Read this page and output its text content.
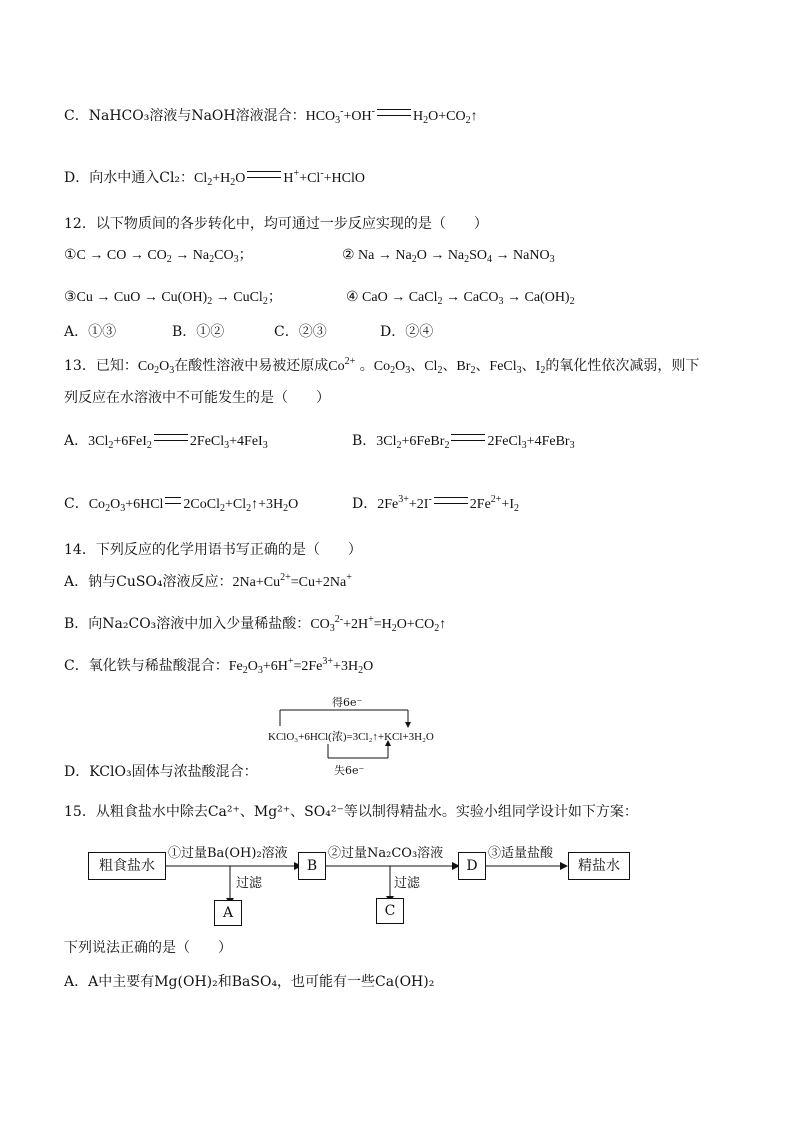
C．NaHCO₃溶液与NaOH溶液混合：$HCO_3^-+OH^-$	$H_2O+CO_2↑$
D．向水中通入Cl₂：$Cl_2+H_2O$	H++Cl-+HClO
12．以下物质间的各步转化中，均可通过一步反应实现的是（　　）
①C → CO → $CO_2 \to Na_2CO_3$；	② $Na \to Na_2O \to Na_2SO_4$ → NaNO$_3$
③Cu → CuO → $Cu(OH)_2$ → CuCl$_2$；	④ CaO → CaCl$_2$ → CaCO$_3$ → $Ca(OH)_2$
A．①③	B．①②	C．②③	D．②④
13．已知：$Co_2O_3$在酸性溶液中易被还原成$Co^{2+}$ 。$Co_2O_3$、$Cl_2$、$Br_2$、FeCl$_3$、$I_2$的氧化性依次减弱，则下
列反应在水溶液中不可能发生的是（　　）
A．$3Cl_2+6FeI_2$	2FeCl$_3$+4FeI$_3$	B．$3Cl_2+6FeBr_2$	2FeCl$_3$+4FeBr$_3$
C．$Co_2O_3+6HCl$ $2CoCl_2+Cl_2↑+3H_2O$	D．$2Fe^{3+}+2I^-$	$2Fe^{2+}+I_2$
14．下列反应的化学用语书写正确的是（　　）
A．钠与CuSO₄溶液反应：$2Na+Cu^{2+}=Cu+2Na^+$
B．向Na₂CO₃溶液中加入少量稀盐酸：$CO_3^{2-}+2H^+=H_2O+CO_2↑$
C．氧化铁与稀盐酸混合：$Fe_2O_3+6H^+=2Fe^{3+}+3H_2O$
得6e⁻
KClO₃+6HCl(浓)=3Cl₂↑+KCl+3H₂O
失6e⁻
D．KClO₃固体与浓盐酸混合：
15．从粗食盐水中除去Ca²⁺、Mg²⁺、SO₄²⁻等以制得精盐水。实验小组同学设计如下方案：
粗食盐水	B	D	精盐水
A	C
①过量Ba(OH)₂溶液	②过量Na₂CO₃溶液	③适量盐酸
过滤	过滤
下列说法正确的是（　　）
A．A中主要有Mg(OH)₂和BaSO₄，也可能有一些Ca(OH)₂
